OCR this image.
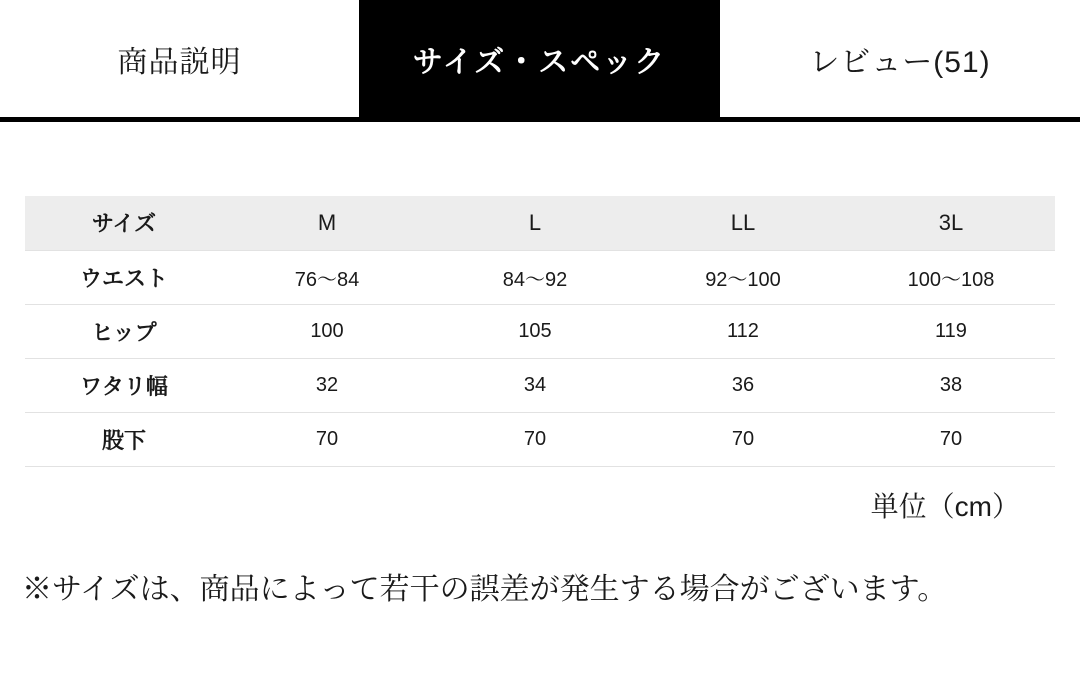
商品説明	サイズ・スペック	レビュー(51)
サイズ	M	L	LL	3L
ウエスト	76〜84	84〜92	92〜100	100〜108
ヒップ	100	105	112	119
ワタリ幅	32	34	36	38
股下	70	70	70	70
単位（cm）
※サイズは、商品によって若干の誤差が発生する場合がございます。
